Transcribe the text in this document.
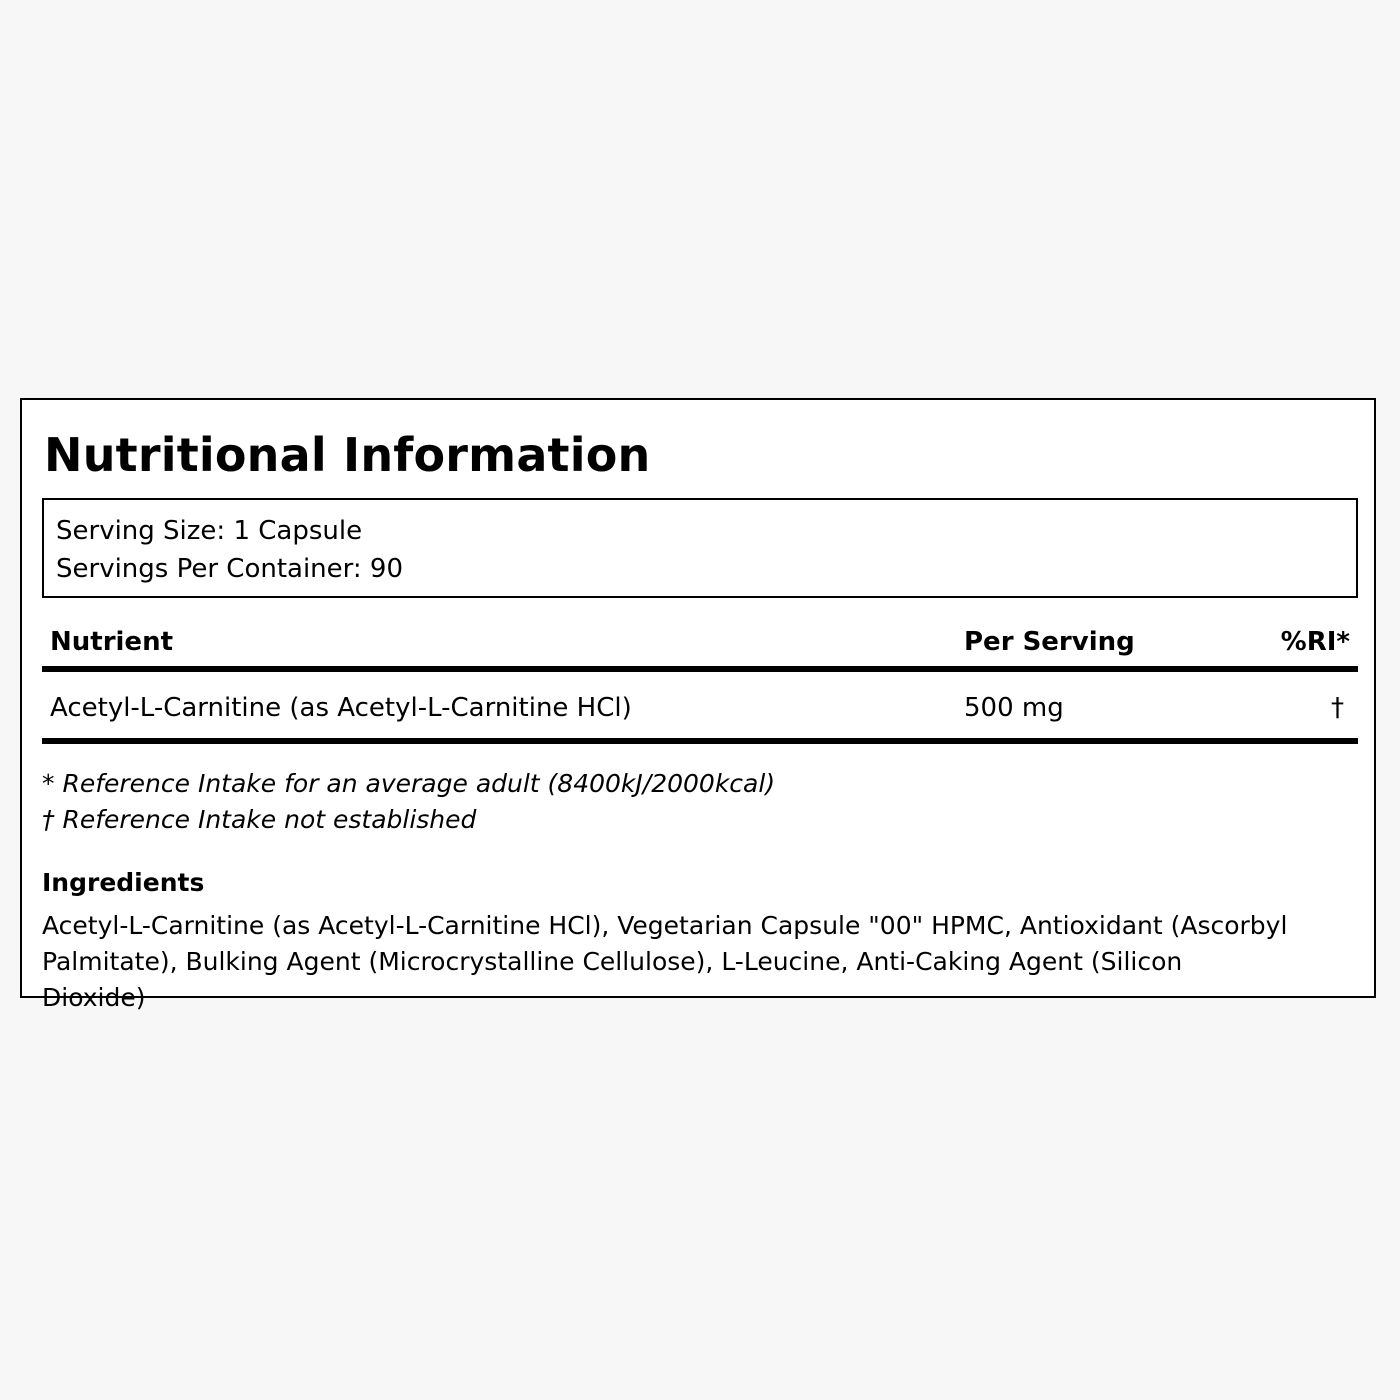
Nutritional Information
Serving Size: 1 Capsule
Servings Per Container: 90
Nutrient	Per Serving	%RI*
Acetyl-L-Carnitine (as Acetyl-L-Carnitine HCl)	500 mg	†
* Reference Intake for an average adult (8400kJ/2000kcal)
† Reference Intake not established
Ingredients

Acetyl-L-Carnitine (as Acetyl-L-Carnitine HCl), Vegetarian Capsule "00" HPMC, Antioxidant (Ascorbyl Palmitate), Bulking Agent (Microcrystalline Cellulose), L-Leucine, Anti-Caking Agent (Silicon Dioxide)
